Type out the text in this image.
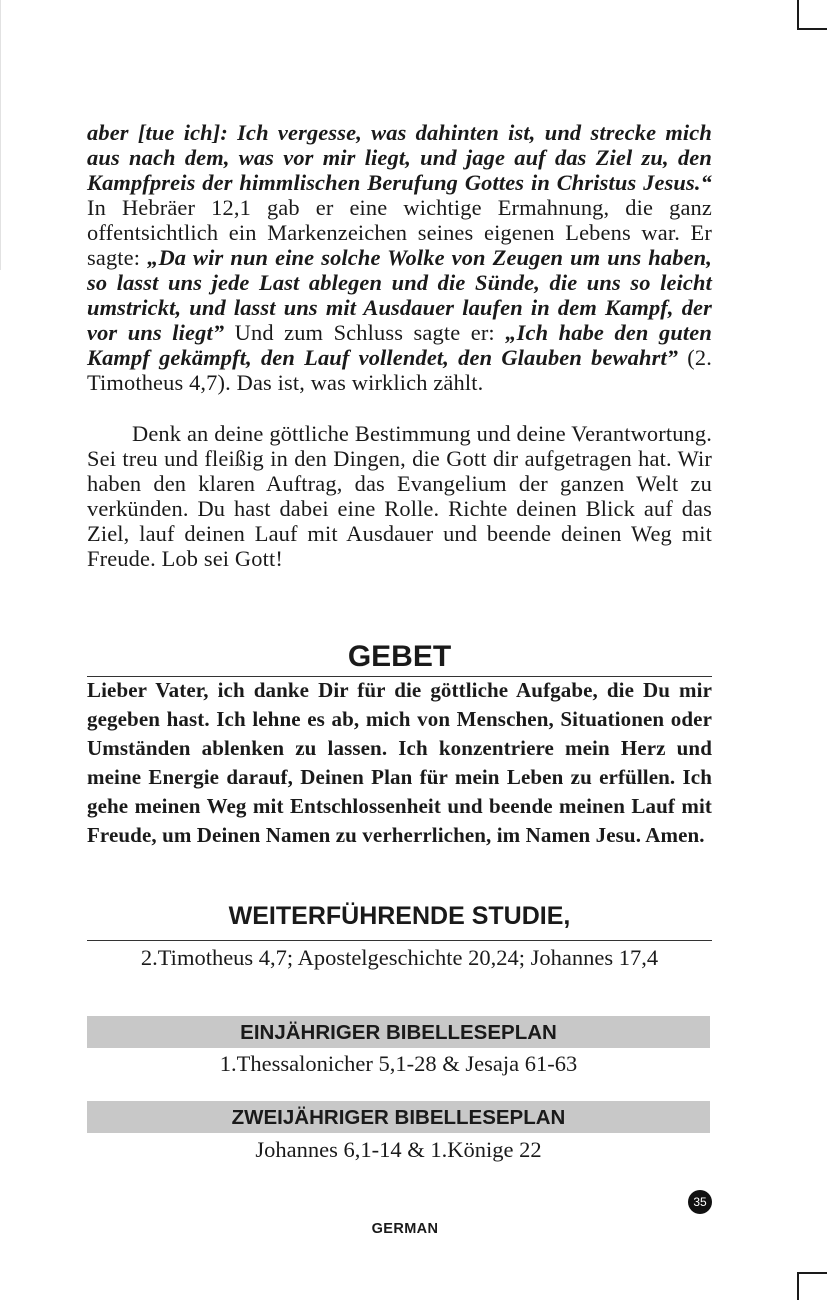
aber [tue ich]: Ich vergesse, was dahinten ist, und strecke mich aus nach dem, was vor mir liegt, und jage auf das Ziel zu, den Kampfpreis der himmlischen Berufung Gottes in Christus Jesus.“ In Hebräer 12,1 gab er eine wichtige Ermahnung, die ganz offentsichtlich ein Markenzeichen seines eigenen Lebens war. Er sagte: „Da wir nun eine solche Wolke von Zeugen um uns haben, so lasst uns jede Last ablegen und die Sünde, die uns so leicht umstrickt, und lasst uns mit Ausdauer laufen in dem Kampf, der vor uns liegt” Und zum Schluss sagte er: „Ich habe den guten Kampf gekämpft, den Lauf vollendet, den Glauben bewahrt” (2. Timotheus 4,7). Das ist, was wirklich zählt.

Denk an deine göttliche Bestimmung und deine Verantwortung. Sei treu und fleißig in den Dingen, die Gott dir aufgetragen hat. Wir haben den klaren Auftrag, das Evangelium der ganzen Welt zu verkünden. Du hast dabei eine Rolle. Richte deinen Blick auf das Ziel, lauf deinen Lauf mit Ausdauer und beende deinen Weg mit Freude. Lob sei Gott!

GEBET

Lieber Vater, ich danke Dir für die göttliche Aufgabe, die Du mir gegeben hast. Ich lehne es ab, mich von Menschen, Situationen oder Umständen ablenken zu lassen. Ich konzentriere mein Herz und meine Energie darauf, Deinen Plan für mein Leben zu erfüllen. Ich gehe meinen Weg mit Entschlossenheit und beende meinen Lauf mit Freude, um Deinen Namen zu verherrlichen, im Namen Jesu. Amen.

WEITERFÜHRENDE STUDIE,

2.Timotheus 4,7; Apostelgeschichte 20,24; Johannes 17,4

EINJÄHRIGER BIBELLESEPLAN

1.Thessalonicher 5,1-28 & Jesaja 61-63

ZWEIJÄHRIGER BIBELLESEPLAN

Johannes 6,1-14 & 1.Könige 22

35
GERMAN
